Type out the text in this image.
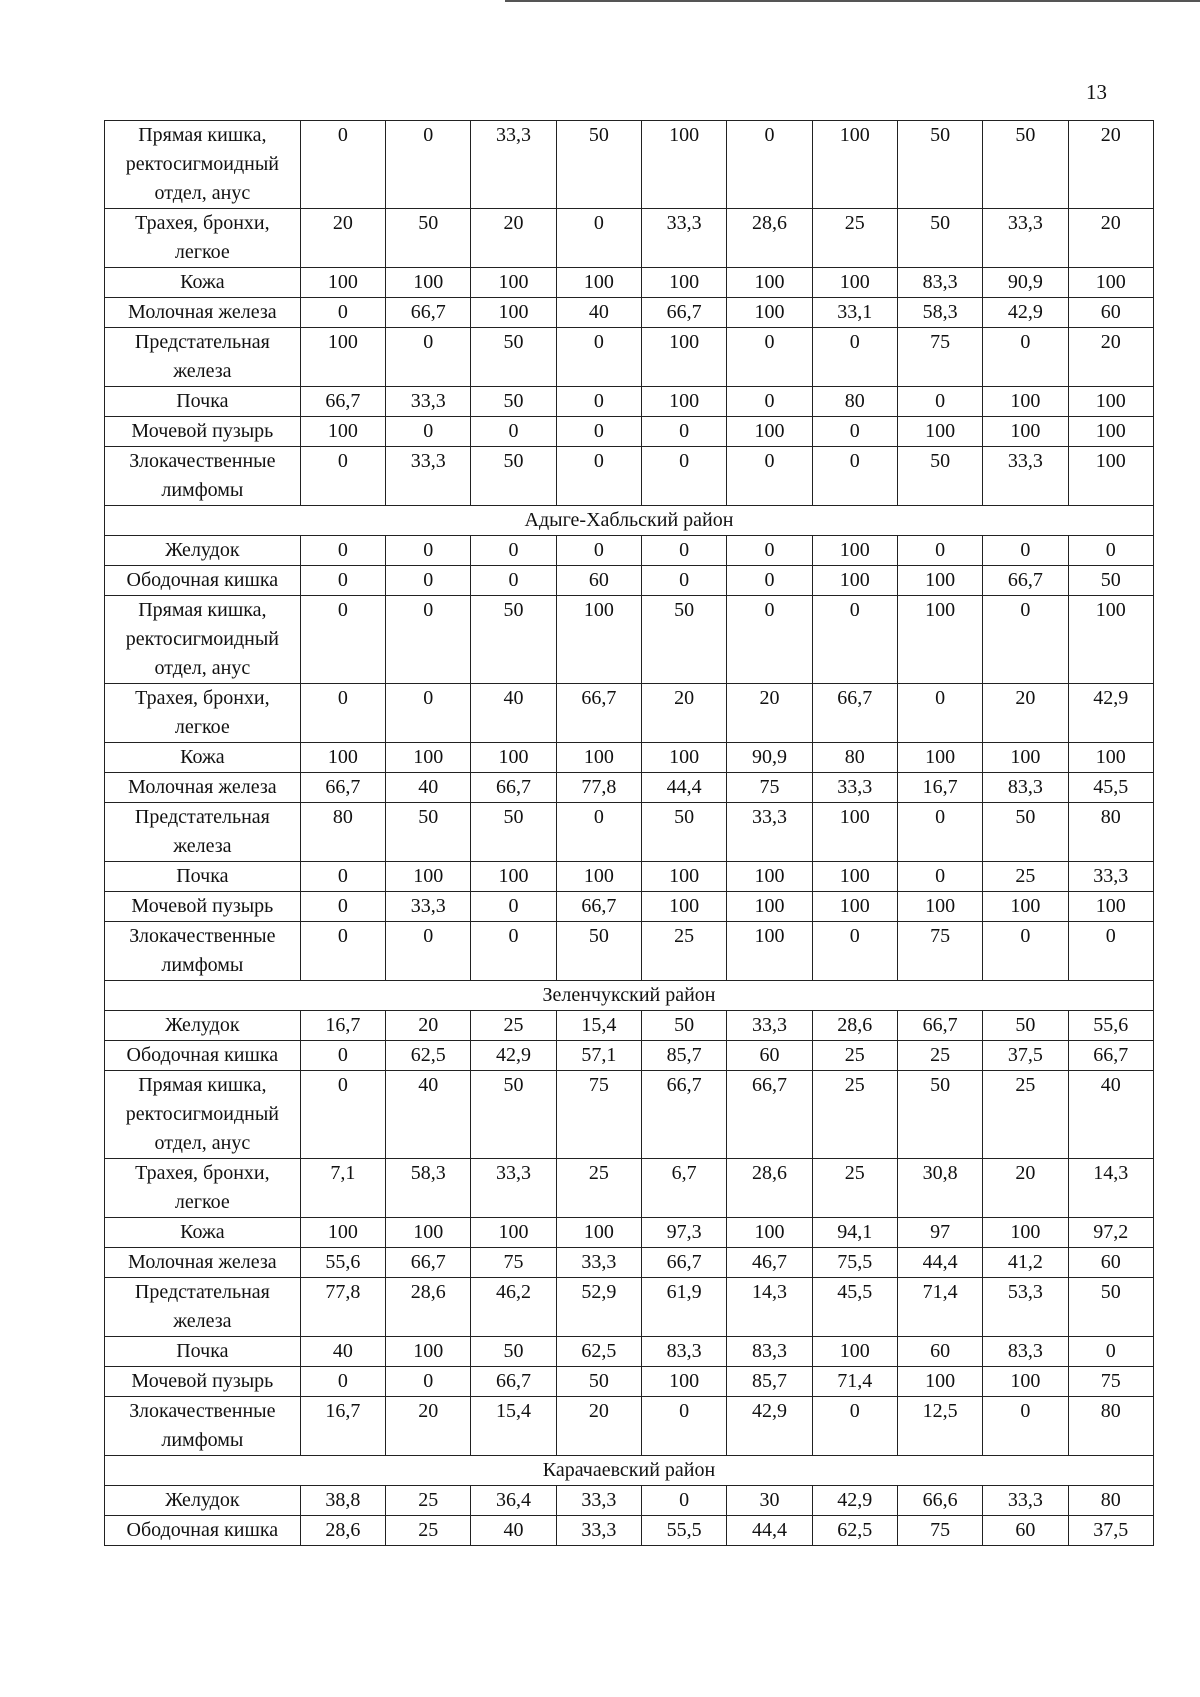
13
Прямая кишка, ректосигмоидный отдел, анус	0	0	33,3	50	100	0	100	50	50	20
Трахея, бронхи, легкое	20	50	20	0	33,3	28,6	25	50	33,3	20
Кожа	100	100	100	100	100	100	100	83,3	90,9	100
Молочная железа	0	66,7	100	40	66,7	100	33,1	58,3	42,9	60
Предстательная железа	100	0	50	0	100	0	0	75	0	20
Почка	66,7	33,3	50	0	100	0	80	0	100	100
Мочевой пузырь	100	0	0	0	0	100	0	100	100	100
Злокачественные лимфомы	0	33,3	50	0	0	0	0	50	33,3	100
Адыге-Хабльский район										
Желудок	0	0	0	0	0	0	100	0	0	0
Ободочная кишка	0	0	0	60	0	0	100	100	66,7	50
Прямая кишка, ректосигмоидный отдел, анус	0	0	50	100	50	0	0	100	0	100
Трахея, бронхи, легкое	0	0	40	66,7	20	20	66,7	0	20	42,9
Кожа	100	100	100	100	100	90,9	80	100	100	100
Молочная железа	66,7	40	66,7	77,8	44,4	75	33,3	16,7	83,3	45,5
Предстательная железа	80	50	50	0	50	33,3	100	0	50	80
Почка	0	100	100	100	100	100	100	0	25	33,3
Мочевой пузырь	0	33,3	0	66,7	100	100	100	100	100	100
Злокачественные лимфомы	0	0	0	50	25	100	0	75	0	0
Зеленчукский район										
Желудок	16,7	20	25	15,4	50	33,3	28,6	66,7	50	55,6
Ободочная кишка	0	62,5	42,9	57,1	85,7	60	25	25	37,5	66,7
Прямая кишка, ректосигмоидный отдел, анус	0	40	50	75	66,7	66,7	25	50	25	40
Трахея, бронхи, легкое	7,1	58,3	33,3	25	6,7	28,6	25	30,8	20	14,3
Кожа	100	100	100	100	97,3	100	94,1	97	100	97,2
Молочная железа	55,6	66,7	75	33,3	66,7	46,7	75,5	44,4	41,2	60
Предстательная железа	77,8	28,6	46,2	52,9	61,9	14,3	45,5	71,4	53,3	50
Почка	40	100	50	62,5	83,3	83,3	100	60	83,3	0
Мочевой пузырь	0	0	66,7	50	100	85,7	71,4	100	100	75
Злокачественные лимфомы	16,7	20	15,4	20	0	42,9	0	12,5	0	80
Карачаевский район										
Желудок	38,8	25	36,4	33,3	0	30	42,9	66,6	33,3	80
Ободочная кишка	28,6	25	40	33,3	55,5	44,4	62,5	75	60	37,5
